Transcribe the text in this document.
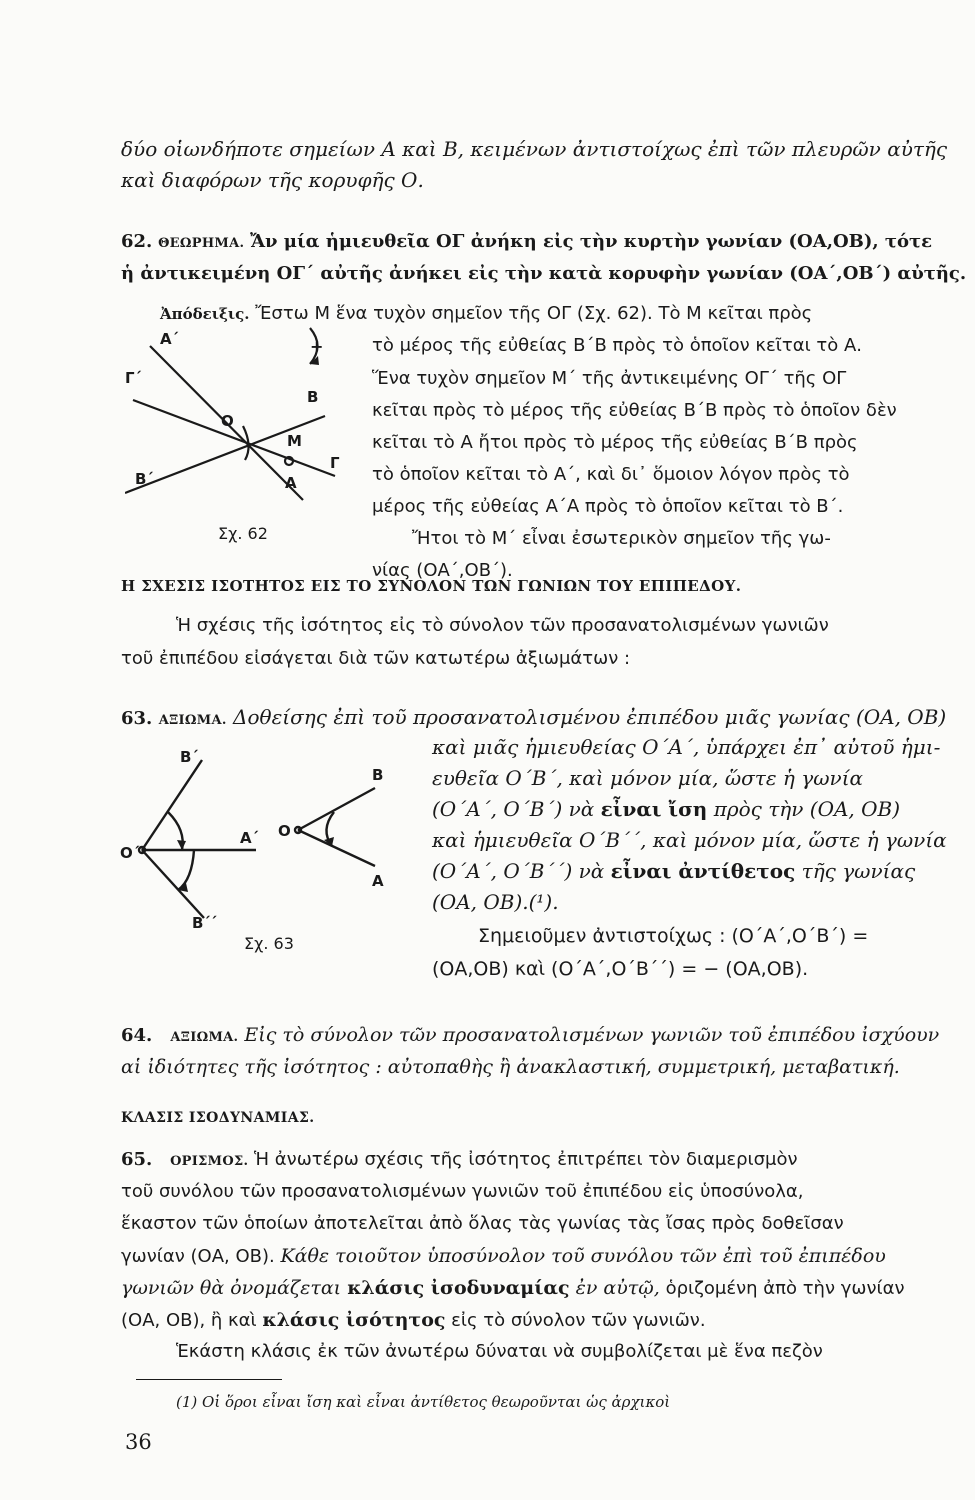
δύο οἱωνδήποτε σημείων Α καὶ Β, κειμένων ἀντιστοίχως ἐπὶ τῶν πλευρῶν αὐτῆς
καὶ διαφόρων τῆς κορυφῆς Ο.
62. ΘΕΩΡΗΜΑ. Ἄν μία ἡμιευθεῖα ΟΓ ἀνήκη εἰς τὴν κυρτὴν γωνίαν (ΟΑ,ΟΒ), τότε
ἡ ἀντικειμένη ΟΓ΄ αὐτῆς ἀνήκει εἰς τὴν κατὰ κορυφὴν γωνίαν (ΟΑ΄,ΟΒ΄) αὐτῆς.
Ἀπόδειξις. Ἔστω Μ ἕνα τυχὸν σημεῖον τῆς ΟΓ (Σχ. 62). Τὸ Μ κεῖται πρὸς
τὸ μέρος τῆς εὐθείας Β΄Β πρὸς τὸ ὁποῖον κεῖται τὸ Α.
Ἕνα τυχὸν σημεῖον Μ΄ τῆς ἀντικειμένης ΟΓ΄ τῆς ΟΓ
κεῖται πρὸς τὸ μέρος τῆς εὐθείας Β΄Β πρὸς τὸ ὁποῖον δὲν
κεῖται τὸ Α ἤτοι πρὸς τὸ μέρος τῆς εὐθείας Β΄Β πρὸς
τὸ ὁποῖον κεῖται τὸ Α΄, καὶ δι᾿ ὅμοιον λόγον πρὸς τὸ
μέρος τῆς εὐθείας Α΄Α πρὸς τὸ ὁποῖον κεῖται τὸ Β΄.
Ἤτοι τὸ Μ΄ εἶναι ἐσωτερικὸν σημεῖον τῆς γω-
νίας (ΟΑ΄,ΟΒ΄).
Α΄
Γ΄
Ο
Β
Μ
Γ
Β΄	Α
+
Σχ. 62
Η ΣΧΕΣΙΣ ΙΣΟΤΗΤΟΣ ΕΙΣ ΤΟ ΣΥΝΟΛΟΝ ΤΩΝ ΓΩΝΙΩΝ ΤΟΥ ΕΠΙΠΕΔΟΥ.
Ἡ σχέσις τῆς ἰσότητος εἰς τὸ σύνολον τῶν προσανατολισμένων γωνιῶν
τοῦ ἐπιπέδου εἰσάγεται διὰ τῶν κατωτέρω ἀξιωμάτων :
63. ΑΞΙΩΜΑ. Δοθείσης ἐπὶ τοῦ προσανατολισμένου ἐπιπέδου μιᾶς γωνίας (ΟΑ, ΟΒ)
καὶ μιᾶς ἡμιευθείας Ο΄Α΄, ὑπάρχει ἐπ᾿ αὐτοῦ ἡμι-
ευθεῖα Ο΄Β΄, καὶ μόνον μία, ὥστε ἡ γωνία
(Ο΄Α΄, Ο΄Β΄) νὰ εἶναι ἴση πρὸς τὴν (ΟΑ, ΟΒ)
καὶ ἡμιευθεῖα Ο΄Β΄΄, καὶ μόνον μία, ὥστε ἡ γωνία
(Ο΄Α΄, Ο΄Β΄΄) νὰ εἶναι ἀντίθετος τῆς γωνίας
(ΟΑ, ΟΒ).(¹).
Σημειοῦμεν ἀντιστοίχως : (Ο΄Α΄,Ο΄Β΄) =
(ΟΑ,ΟΒ) καὶ (Ο΄Α΄,Ο΄Β΄΄) = − (ΟΑ,ΟΒ).
Β΄
Ο΄
Α΄
Β΄΄
Ο
Β
Α
Σχ. 63
64. ΑΞΙΩΜΑ. Εἰς τὸ σύνολον τῶν προσανατολισμένων γωνιῶν τοῦ ἐπιπέδου ἰσχύουν
αἱ ἰδιότητες τῆς ἰσότητος : αὐτοπαθὴς ἢ ἀνακλαστική, συμμετρική, μεταβατική.
ΚΛΑΣΙΣ ΙΣΟΔΥΝΑΜΙΑΣ.
65. ΟΡΙΣΜΟΣ. Ἡ ἀνωτέρω σχέσις τῆς ἰσότητος ἐπιτρέπει τὸν διαμερισμὸν
τοῦ συνόλου τῶν προσανατολισμένων γωνιῶν τοῦ ἐπιπέδου εἰς ὑποσύνολα,
ἕκαστον τῶν ὁποίων ἀποτελεῖται ἀπὸ ὅλας τὰς γωνίας τὰς ἴσας πρὸς δοθεῖσαν
γωνίαν (ΟΑ, ΟΒ). Κάθε τοιοῦτον ὑποσύνολον τοῦ συνόλου τῶν ἐπὶ τοῦ ἐπιπέδου
γωνιῶν θὰ ὀνομάζεται κλάσις ἰσοδυναμίας ἐν αὐτῷ, ὁριζομένη ἀπὸ τὴν γωνίαν
(ΟΑ, ΟΒ), ἢ καὶ κλάσις ἰσότητος εἰς τὸ σύνολον τῶν γωνιῶν.
Ἑκάστη κλάσις ἐκ τῶν ἀνωτέρω δύναται νὰ συμβολίζεται μὲ ἕνα πεζὸν
(1) Οἱ ὅροι εἶναι ἴση καὶ εἶναι ἀντίθετος θεωροῦνται ὡς ἀρχικοὶ
36
